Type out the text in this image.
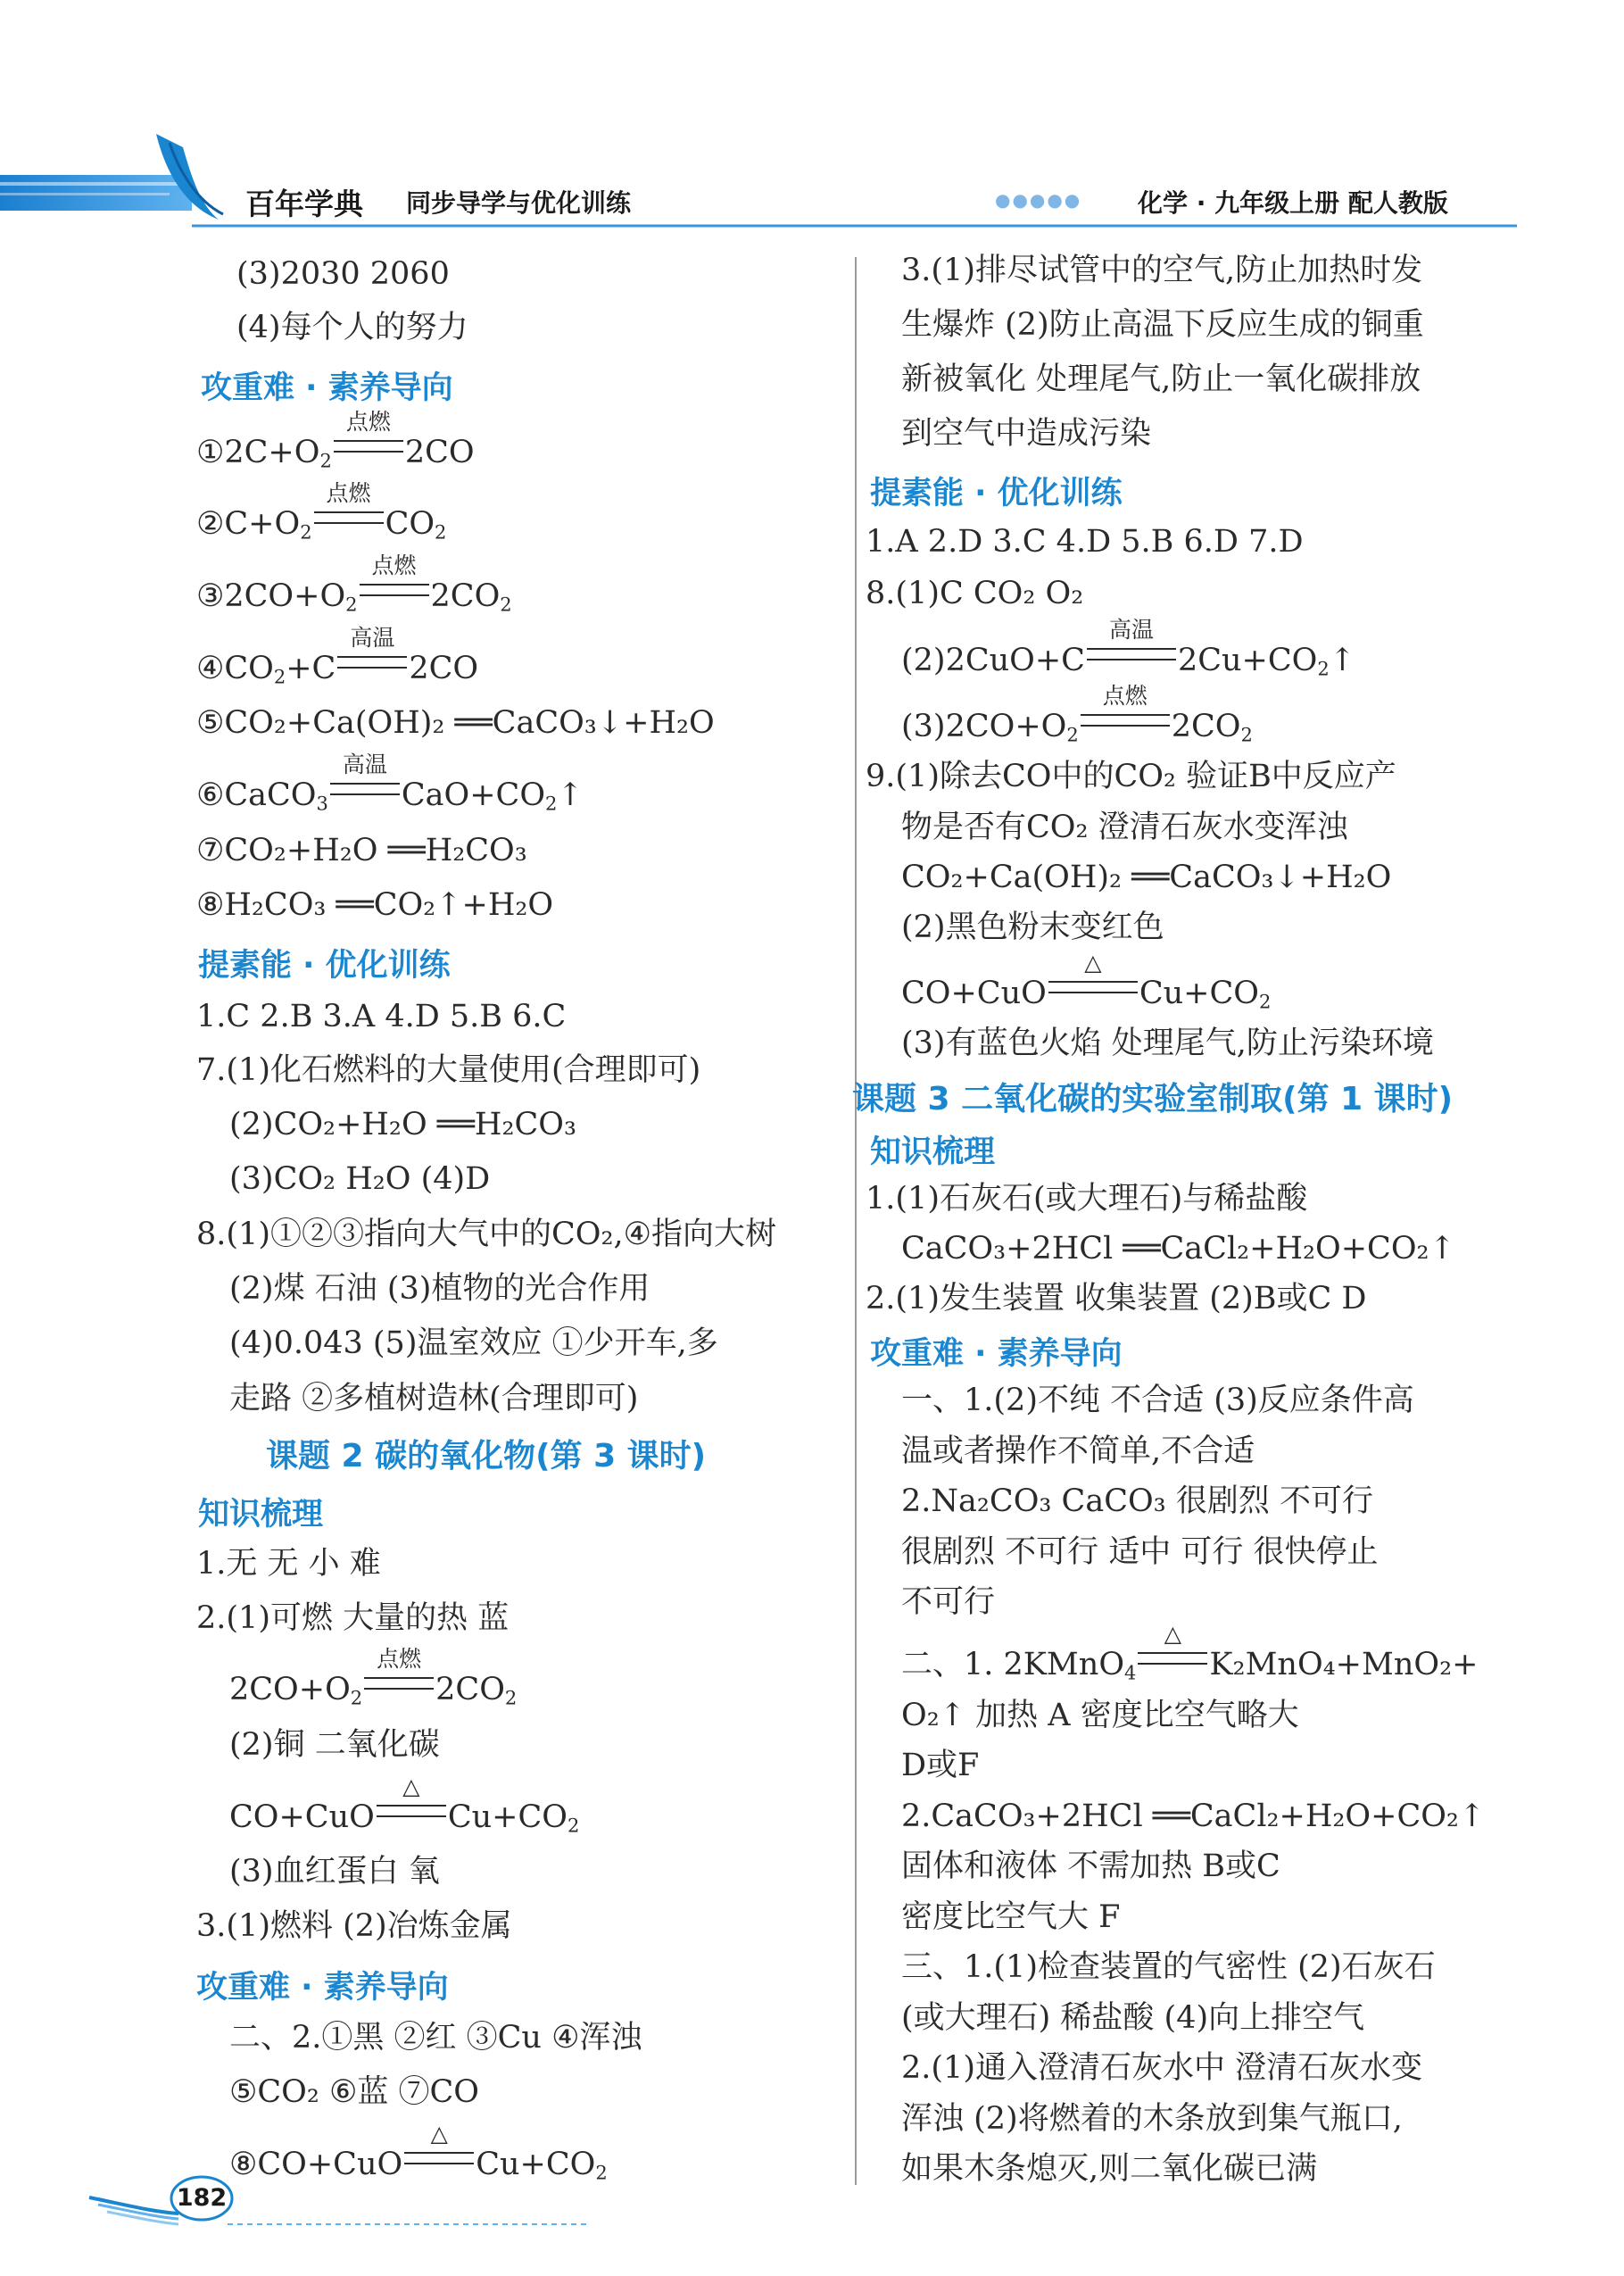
百年学典 同步导学与优化训练	●●●●● 化学 · 九年级上册 配人教版
(3)2030 2060
(4)每个人的努力
攻重难 · 素养导向
$①2C+O_2$
点燃
2CO
$②C+O_2$
点燃
$CO_2$
$③2CO+O_2$
点燃
$2CO_2$
$④CO_2+C$
高温
2CO
⑤CO₂+Ca(OH)₂ ══CaCO₃↓+H₂O
⑥CaCO$_3$
高温
$CaO+CO_2↑$
⑦CO₂+H₂O ══H₂CO₃
⑧H₂CO₃ ══CO₂↑+H₂O
提素能 · 优化训练
1.C 2.B 3.A 4.D 5.B 6.C
7.(1)化石燃料的大量使用(合理即可)
(2)CO₂+H₂O ══H₂CO₃
(3)CO₂ H₂O (4)D
8.(1)①②③指向大气中的CO₂,④指向大树
(2)煤 石油 (3)植物的光合作用
(4)0.043 (5)温室效应 ①少开车,多
走路 ②多植树造林(合理即可)
课题 2 碳的氧化物(第 3 课时)
知识梳理
1.无 无 小 难
2.(1)可燃 大量的热 蓝
$2CO+O_2$
点燃
$2CO_2$
(2)铜 二氧化碳
CO+CuO
△
$Cu+CO_2$
(3)血红蛋白 氧
3.(1)燃料 (2)冶炼金属
攻重难 · 素养导向
二、2.①黑 ②红 ③Cu ④浑浊
⑤CO₂ ⑥蓝 ⑦CO
⑧CO+CuO
△
$Cu+CO_2$
3.(1)排尽试管中的空气,防止加热时发
生爆炸 (2)防止高温下反应生成的铜重
新被氧化 处理尾气,防止一氧化碳排放
到空气中造成污染
提素能 · 优化训练
1.A 2.D 3.C 4.D 5.B 6.D 7.D
8.(1)C CO₂ O₂
(2)2CuO+C
高温
$2Cu+CO_2↑$
$(3)2CO+O_2$
点燃
$2CO_2$
9.(1)除去CO中的CO₂ 验证B中反应产
物是否有CO₂ 澄清石灰水变浑浊
CO₂+Ca(OH)₂ ══CaCO₃↓+H₂O
(2)黑色粉末变红色
CO+CuO
△
$Cu+CO_2$
(3)有蓝色火焰 处理尾气,防止污染环境
课题 3 二氧化碳的实验室制取(第 1 课时)
知识梳理
1.(1)石灰石(或大理石)与稀盐酸
CaCO₃+2HCl ══CaCl₂+H₂O+CO₂↑
2.(1)发生装置 收集装置 (2)B或C D
攻重难 · 素养导向
一、1.(2)不纯 不合适 (3)反应条件高
温或者操作不简单,不合适
2.Na₂CO₃ CaCO₃ 很剧烈 不可行
很剧烈 不可行 适中 可行 很快停止
不可行
二、1. 2KMnO$_4$
△
K₂MnO₄+MnO₂+
O₂↑ 加热 A 密度比空气略大
D或F
2.CaCO₃+2HCl ══CaCl₂+H₂O+CO₂↑
固体和液体 不需加热 B或C
密度比空气大 F
三、1.(1)检查装置的气密性 (2)石灰石
(或大理石) 稀盐酸 (4)向上排空气
2.(1)通入澄清石灰水中 澄清石灰水变
浑浊 (2)将燃着的木条放到集气瓶口,
如果木条熄灭,则二氧化碳已满
182
